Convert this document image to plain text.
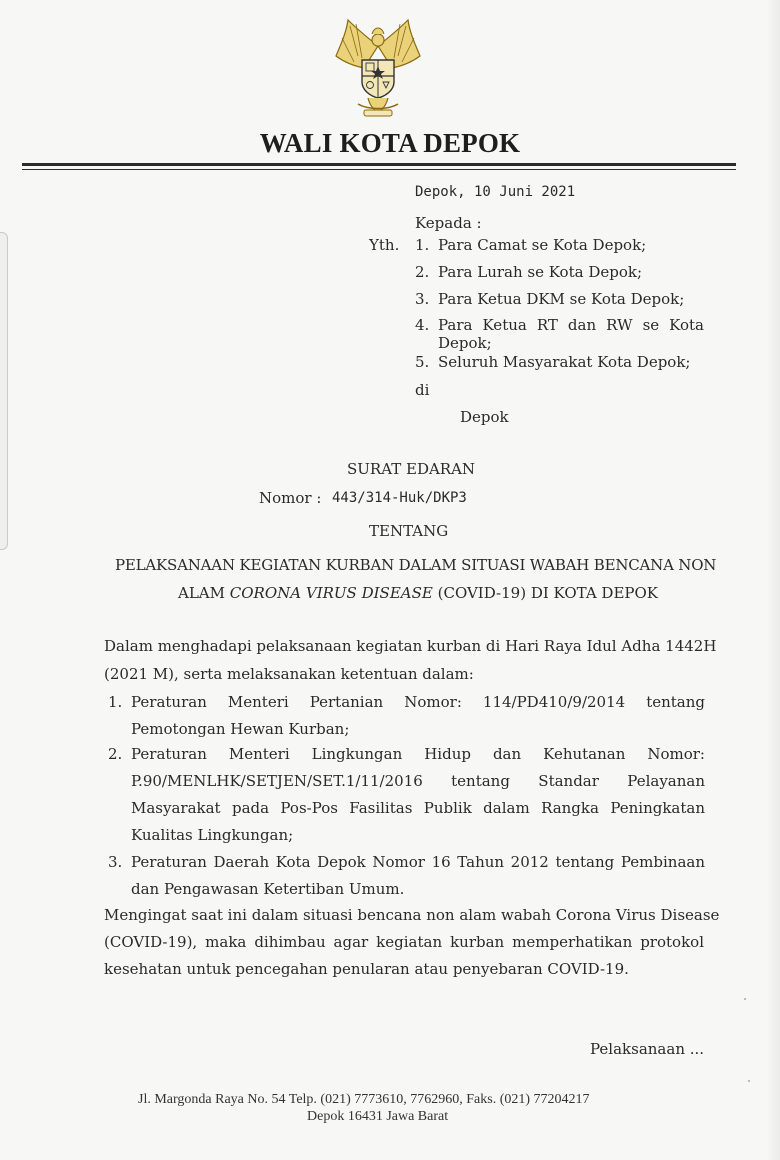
WALI KOTA DEPOK
Depok, 10 Juni 2021
Kepada :
Yth. 1. Para Camat se Kota Depok;
2. Para Lurah se Kota Depok;
3. Para Ketua DKM se Kota Depok;
4. Para Ketua RT dan RW se Kota
Depok;
5. Seluruh Masyarakat Kota Depok;
di
Depok
SURAT EDARAN
Nomor : 443/314-Huk/DKP3
TENTANG
PELAKSANAAN KEGIATAN KURBAN DALAM SITUASI WABAH BENCANA NON
ALAM CORONA VIRUS DISEASE (COVID-19) DI KOTA DEPOK
Dalam menghadapi pelaksanaan kegiatan kurban di Hari Raya Idul Adha 1442H
(2021 M), serta melaksanakan ketentuan dalam:
1. Peraturan Menteri Pertanian Nomor: 114/PD410/9/2014 tentang
Pemotongan Hewan Kurban;
2. Peraturan Menteri Lingkungan Hidup dan Kehutanan Nomor:
P.90/MENLHK/SETJEN/SET.1/11/2016 tentang Standar Pelayanan
Masyarakat pada Pos-Pos Fasilitas Publik dalam Rangka Peningkatan
Kualitas Lingkungan;
3. Peraturan Daerah Kota Depok Nomor 16 Tahun 2012 tentang Pembinaan
dan Pengawasan Ketertiban Umum.
Mengingat saat ini dalam situasi bencana non alam wabah Corona Virus Disease
(COVID-19), maka dihimbau agar kegiatan kurban memperhatikan protokol
kesehatan untuk pencegahan penularan atau penyebaran COVID-19.
Pelaksanaan ...
Jl. Margonda Raya No. 54 Telp. (021) 7773610, 7762960, Faks. (021) 77204217
Depok 16431 Jawa Barat
